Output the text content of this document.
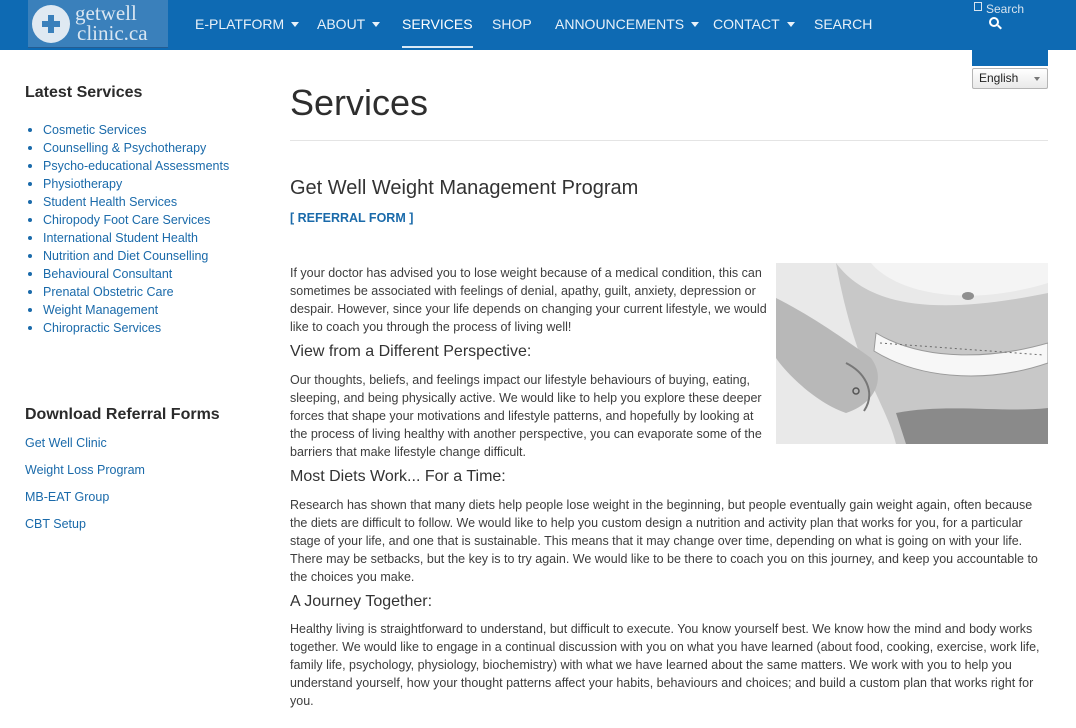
getwell
clinic.ca	E-PLATFORM	ABOUT	SERVICES SHOP ANNOUNCEMENTS	CONTACT	SEARCH
Search
English
Latest Services
Cosmetic Services
Counselling & Psychotherapy
Psycho-educational Assessments
Physiotherapy
Student Health Services
Chiropody Foot Care Services
International Student Health
Nutrition and Diet Counselling
Behavioural Consultant
Prenatal Obstetric Care
Weight Management
Chiropractic Services
Download Referral Forms
Get Well Clinic
Weight Loss Program
MB-EAT Group
CBT Setup
Services
Get Well Weight Management Program
[ REFERRAL FORM ]
If your doctor has advised you to lose weight because of a medical condition, this can
sometimes be associated with feelings of denial, apathy, guilt, anxiety, depression or
despair. However, since your life depends on changing your current lifestyle, we would
like to coach you through the process of living well!
View from a Different Perspective:
Our thoughts, beliefs, and feelings impact our lifestyle behaviours of buying, eating,
sleeping, and being physically active. We would like to help you explore these deeper
forces that shape your motivations and lifestyle patterns, and hopefully by looking at
the process of living healthy with another perspective, you can evaporate some of the
barriers that make lifestyle change difficult.
Most Diets Work... For a Time:
Research has shown that many diets help people lose weight in the beginning, but people eventually gain weight again, often because
the diets are difficult to follow. We would like to help you custom design a nutrition and activity plan that works for you, for a particular
stage of your life, and one that is sustainable. This means that it may change over time, depending on what is going on with your life.
There may be setbacks, but the key is to try again. We would like to be there to coach you on this journey, and keep you accountable to
the choices you make.
A Journey Together:
Healthy living is straightforward to understand, but difficult to execute. You know yourself best. We know how the mind and body works
together. We would like to engage in a continual discussion with you on what you have learned (about food, cooking, exercise, work life,
family life, psychology, physiology, biochemistry) with what we have learned about the same matters. We work with you to help you
understand yourself, how your thought patterns affect your habits, behaviours and choices; and build a custom plan that works right for
you.
